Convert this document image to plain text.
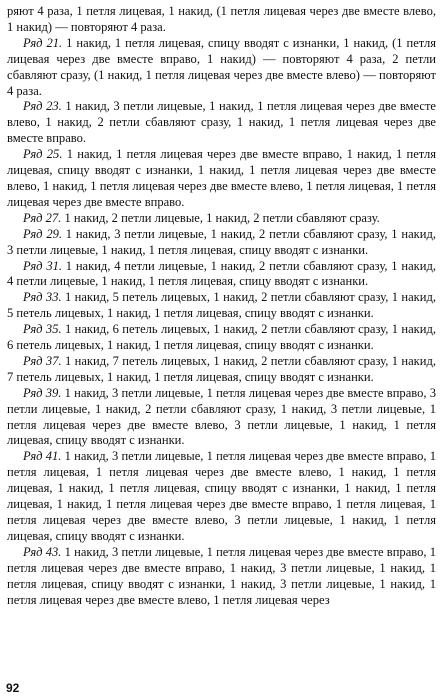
ряют 4 раза, 1 петля лицевая, 1 накид, (1 петля лицевая через две вместе влево, 1 накид) — повторяют 4 раза.

Ряд 21. 1 накид, 1 петля лицевая, спицу вводят с изнанки, 1 накид, (1 петля лицевая через две вместе вправо, 1 накид) — повторяют 4 раза, 2 петли сбавляют сразу, (1 накид, 1 петля лицевая через две вместе влево) — повторяют 4 раза.

Ряд 23. 1 накид, 3 петли лицевые, 1 накид, 1 петля лицевая через две вместе влево, 1 накид, 2 петли сбавляют сразу, 1 накид, 1 петля лицевая через две вместе вправо.

Ряд 25. 1 накид, 1 петля лицевая через две вместе вправо, 1 накид, 1 петля лицевая, спицу вводят с изнанки, 1 накид, 1 петля лицевая через две вместе влево, 1 накид, 1 петля лицевая через две вместе влево, 1 петля лицевая, 1 петля лицевая через две вместе вправо.

Ряд 27. 1 накид, 2 петли лицевые, 1 накид, 2 петли сбавляют сразу.

Ряд 29. 1 накид, 3 петли лицевые, 1 накид, 2 петли сбавляют сразу, 1 накид, 3 петли лицевые, 1 накид, 1 петля лицевая, спицу вводят с изнанки.

Ряд 31. 1 накид, 4 петли лицевые, 1 накид, 2 петли сбавляют сразу, 1 накид, 4 петли лицевые, 1 накид, 1 петля лицевая, спицу вводят с изнанки.

Ряд 33. 1 накид, 5 петель лицевых, 1 накид, 2 петли сбавляют сразу, 1 накид, 5 петель лицевых, 1 накид, 1 петля лицевая, спицу вводят с изнанки.

Ряд 35. 1 накид, 6 петель лицевых, 1 накид, 2 петли сбавляют сразу, 1 накид, 6 петель лицевых, 1 накид, 1 петля лицевая, спицу вводят с изнанки.

Ряд 37. 1 накид, 7 петель лицевых, 1 накид, 2 петли сбавляют сразу, 1 накид, 7 петель лицевых, 1 накид, 1 петля лицевая, спицу вводят с изнанки.

Ряд 39. 1 накид, 3 петли лицевые, 1 петля лицевая через две вместе вправо, 3 петли лицевые, 1 накид, 2 петли сбавляют сразу, 1 накид, 3 петли лицевые, 1 петля лицевая через две вместе влево, 3 петли лицевые, 1 накид, 1 петля лицевая, спицу вводят с изнанки.

Ряд 41. 1 накид, 3 петли лицевые, 1 петля лицевая через две вместе вправо, 1 петля лицевая, 1 петля лицевая через две вместе влево, 1 накид, 1 петля лицевая, 1 накид, 1 петля лицевая, спицу вводят с изнанки, 1 накид, 1 петля лицевая, 1 накид, 1 петля лицевая через две вместе вправо, 1 петля лицевая, 1 петля лицевая через две вместе влево, 3 петли лицевые, 1 накид, 1 петля лицевая, спицу вводят с изнанки.

Ряд 43. 1 накид, 3 петли лицевые, 1 петля лицевая через две вместе вправо, 1 петля лицевая через две вместе вправо, 1 накид, 3 петли лицевые, 1 накид, 1 петля лицевая, спицу вводят с изнанки, 1 накид, 3 петли лицевые, 1 накид, 1 петля лицевая через две вместе влево, 1 петля лицевая через

92
